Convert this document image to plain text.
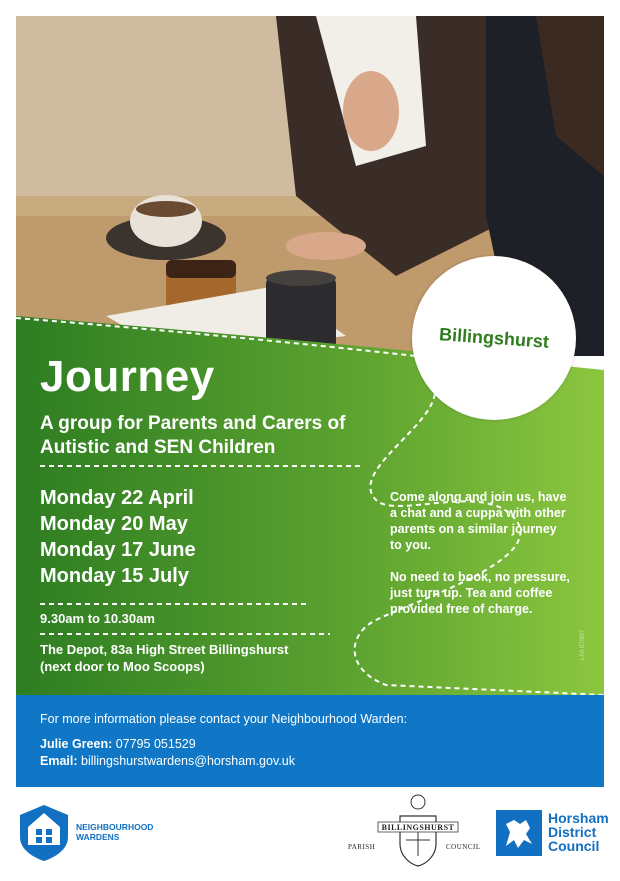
Billingshurst
Journey
A group for Parents and Carers of Autistic and SEN Children
Monday 22 April
Monday 20 May
Monday 17 June
Monday 15 July
9.30am to 10.30am
The Depot, 83a High Street Billingshurst
(next door to Moo Scoops)

Come along and join us, have a chat and a cuppa with other parents on a similar journey to you.

No need to book, no pressure, just turn up. Tea and coffee provided free of charge.

LFA 07/807
For more information please contact your Neighbourhood Warden:
Julie Green: 07795 051529
Email: billingshurstwardens@horsham.gov.uk
NEIGHBOURHOOD
WARDENS
BILLINGSHURST
PARISH	COUNCIL
Horsham
District
Council
